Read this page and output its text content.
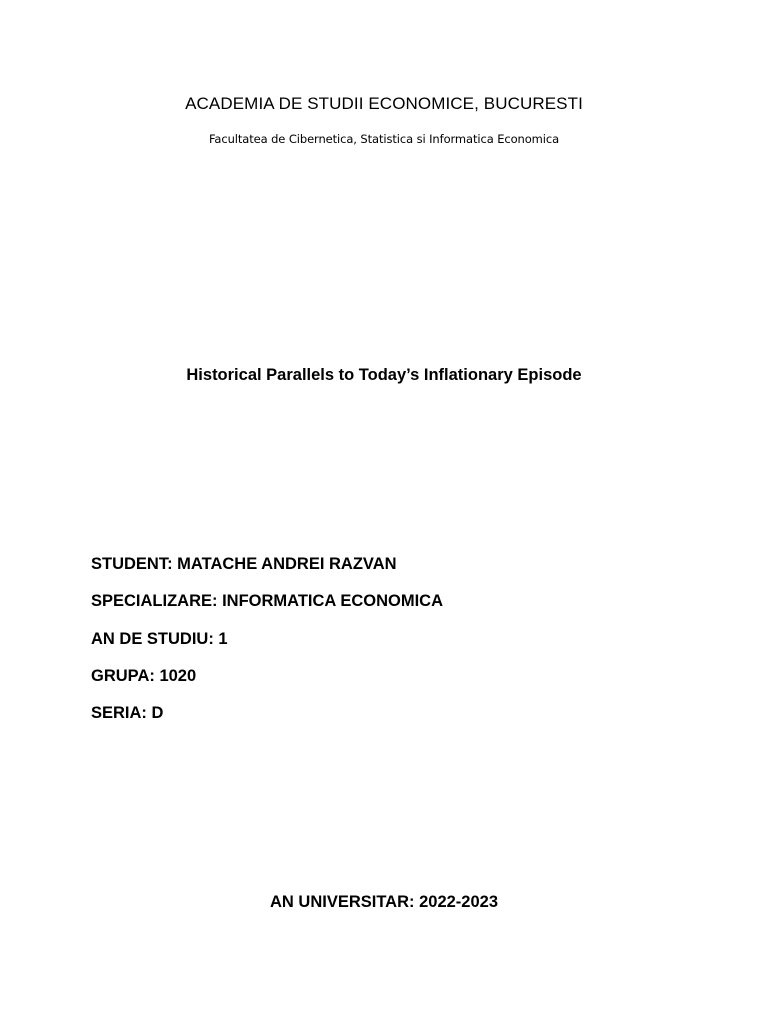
ACADEMIA DE STUDII ECONOMICE, BUCURESTI

Facultatea de Cibernetica, Statistica si Informatica Economica

Historical Parallels to Today’s Inflationary Episode

STUDENT: MATACHE ANDREI RAZVAN

SPECIALIZARE: INFORMATICA ECONOMICA

AN DE STUDIU: 1

GRUPA: 1020

SERIA: D

AN UNIVERSITAR: 2022-2023
